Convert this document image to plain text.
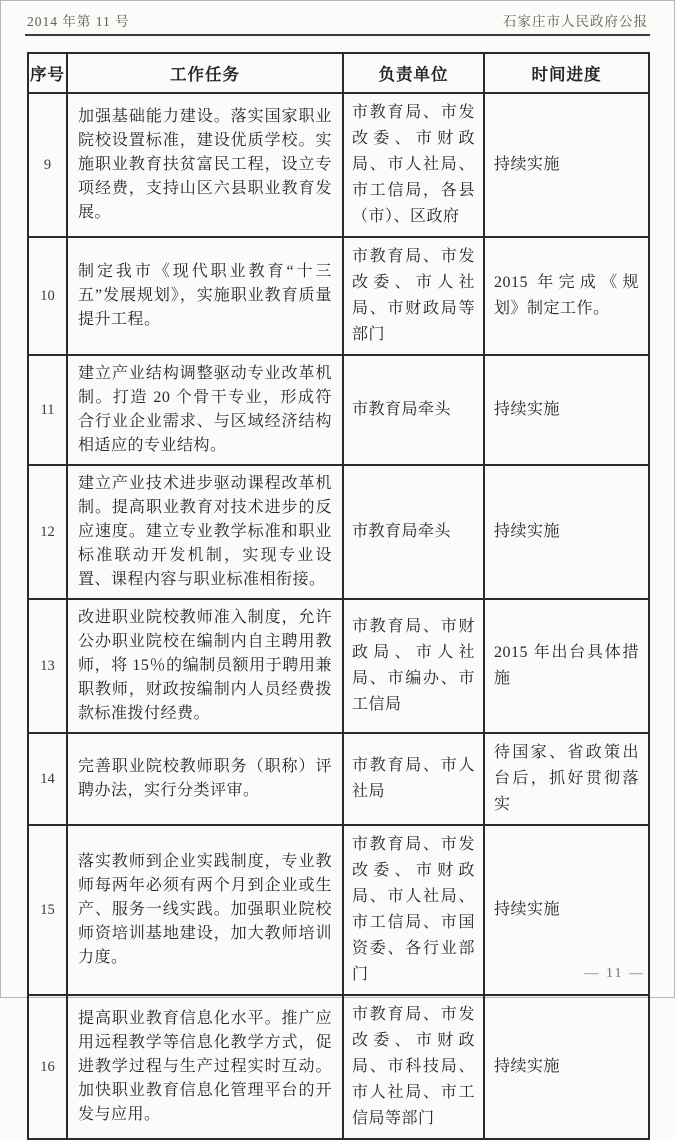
2014 年第 11 号	石家庄市人民政府公报
序号	工作任务	负责单位	时间进度
9	加强基础能力建设。落实国家职业院校设置标准，建设优质学校。实施职业教育扶贫富民工程，设立专项经费，支持山区六县职业教育发展。	市教育局、市发改委、市财政局、市人社局、市工信局，各县（市）、区政府	持续实施
10	制定我市《现代职业教育“十三五”发展规划》，实施职业教育质量提升工程。	市教育局、市发改委、市人社局、市财政局等部门	2015 年完成《规划》制定工作。
11	建立产业结构调整驱动专业改革机制。打造 20 个骨干专业，形成符合行业企业需求、与区域经济结构相适应的专业结构。	市教育局牵头	持续实施
12	建立产业技术进步驱动课程改革机制。提高职业教育对技术进步的反应速度。建立专业教学标准和职业标准联动开发机制，实现专业设置、课程内容与职业标准相衔接。	市教育局牵头	持续实施
13	改进职业院校教师准入制度，允许公办职业院校在编制内自主聘用教师，将 15％的编制员额用于聘用兼职教师，财政按编制内人员经费拨款标准拨付经费。	市教育局、市财政局、市人社局、市编办、市工信局	2015 年出台具体措施
14	完善职业院校教师职务（职称）评聘办法，实行分类评审。	市教育局、市人社局	待国家、省政策出台后，抓好贯彻落实
15	落实教师到企业实践制度，专业教师每两年必须有两个月到企业或生产、服务一线实践。加强职业院校师资培训基地建设，加大教师培训力度。	市教育局、市发改委、市财政局、市人社局、市工信局、市国资委、各行业部门	持续实施
16	提高职业教育信息化水平。推广应用远程教学等信息化教学方式，促进教学过程与生产过程实时互动。加快职业教育信息化管理平台的开发与应用。	市教育局、市发改委、市财政局、市科技局、市人社局、市工信局等部门	持续实施
— 11 —
